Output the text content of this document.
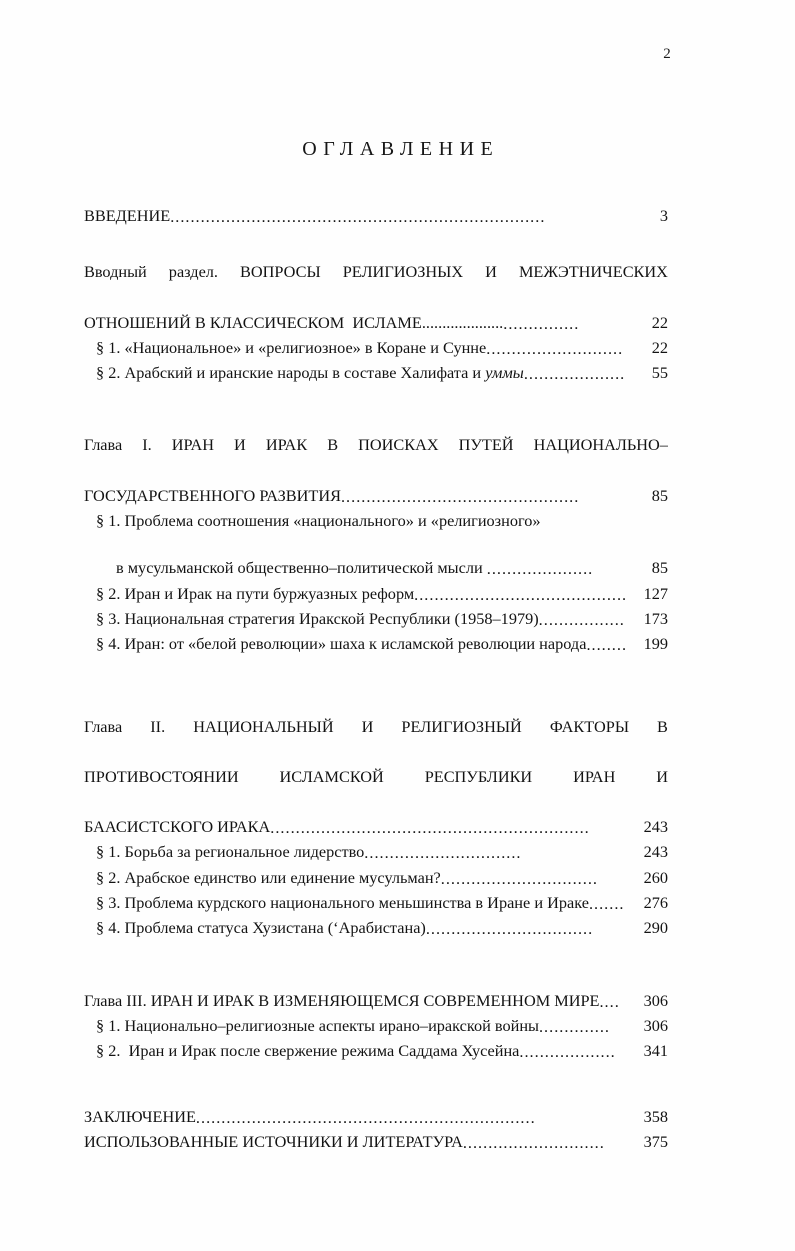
2
ОГЛАВЛЕНИЕ
ВВЕДЕНИЕ ..........................................................................	3
Вводный раздел. ВОПРОСЫ РЕЛИГИОЗНЫХ И МЕЖЭТНИЧЕСКИХ
ОТНОШЕНИЙ В КЛАССИЧЕСКОМ  ИСЛАМЕ .................... ...............	22
§ 1. «Национальное» и «религиозное» в Коране и Сунне ...........................	22
§ 2. Арабский и иранские народы в составе Халифата и уммы ....................	55
Глава I. ИРАН И ИРАК В ПОИСКАХ ПУТЕЙ НАЦИОНАЛЬНО–
ГОСУДАРСТВЕННОГО РАЗВИТИЯ ...............................................	85
§ 1. Проблема соотношения «национального» и «религиозного»
в мусульманской общественно–политической мысли .....................	85
§ 2. Иран и Ирак на пути буржуазных реформ ..........................................	127
§ 3. Национальная стратегия Иракской Республики (1958–1979) .................	173
§ 4. Иран: от «белой революции» шаха к исламской революции народа ........ 199
Глава II. НАЦИОНАЛЬНЫЙ И РЕЛИГИОЗНЫЙ ФАКТОРЫ В
ПРОТИВОСТОЯНИИ	ИСЛАМСКОЙ	РЕСПУБЛИКИ	ИРАН	И
БААСИСТСКОГО ИРАКА ...............................................................	243
§ 1. Борьба за региональное лидерство ...............................	243
§ 2. Арабское единство или единение мусульман? ...............................	260
§ 3. Проблема курдского национального меньшинства в Иране и Ираке ....... 276
§ 4. Проблема статуса Хузистана (ʻАрабистана) .................................	290
Глава III. ИРАН И ИРАК В ИЗМЕНЯЮЩЕМСЯ СОВРЕМЕННОМ МИРЕ ....	306
§ 1. Национально–религиозные аспекты ирано–иракской войны ..............	306
§ 2.  Иран и Ирак после свержение режима Саддама Хусейна ...................	341
ЗАКЛЮЧЕНИЕ ...................................................................	358
ИСПОЛЬЗОВАННЫЕ ИСТОЧНИКИ И ЛИТЕРАТУРА ............................	375
